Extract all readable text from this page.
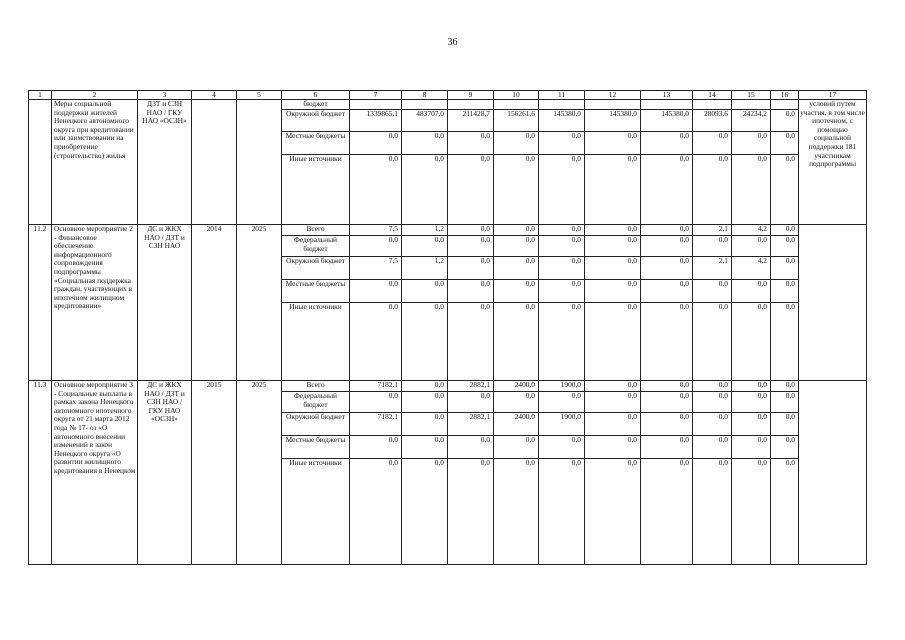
36
1	2	3	4	5	6	7	8	9	10	11	12	13	14	15	16	17
	Меры социальной поддержки жителей Ненецкого автономного округа при кредитовании или заимствовании на приобретение (строительство) жилья	ДЗТ и СЗН НАО / ГКУ НАО «ОСЗН»			бюджет											условий путем участия, в том числе ипотечном, с помощью социальной поддержки 181 участникам подпрограммы
					Окружной бюджет	1339865,1	483707,0	211428,7	156261,6	145380,0	145380,0	145380,0	28093,6	24234,2	0,0	
					Местные бюджеты	0,0	0,0	0,0	0,0	0,0	0,0	0,0	0,0	0,0	0,0	
					Иные источники	0,0	0,0	0,0	0,0	0,0	0,0	0,0	0,0	0,0	0,0	
11.2	Основное мероприятие 2 - Финансовое обеспечение информационного сопровождения подпрограммы «Социальная поддержка граждан, участвующих в ипотечном жилищном кредитовании»	ДС и ЖКХ НАО / ДЗТ и СЗН НАО	2014	2025	Всего	7,5	1,2	0,0	0,0	0,0	0,0	0,0	2,1	4,2	0,0	
					Федеральный бюджет	0,0	0,0	0,0	0,0	0,0	0,0	0,0	0,0	0,0	0,0	
					Окружной бюджет	7,5	1,2	0,0	0,0	0,0	0,0	0,0	2,1	4,2	0,0	
					Местные бюджеты	0,0	0,0	0,0	0,0	0,0	0,0	0,0	0,0	0,0	0,0	
					Иные источники	0,0	0,0	0,0	0,0	0,0	0,0	0,0	0,0	0,0	0,0	
11.3	Основное мероприятие 3 - Социальные выплаты в рамках закона Ненецкого автономного ипотечного округа от 21 марта 2012 года № 17- оз «О автономного внесении изменений в закон Ненецкого округа «О развитии жилищного кредитования в Ненецком	ДС и ЖКХ НАО / ДЗТ и СЗН НАО / ГКУ НАО «ОСЗН»	2015	2025	Всего	7182,1	0,0	2882,1	2400,0	1900,0	0,0	0,0	0,0	0,0	0,0	
					Федеральный бюджет	0,0	0,0	0,0	0,0	0,0	0,0	0,0	0,0	0,0	0,0	
					Окружной бюджет	7182,1	0,0	2882,1	2400,0	1900,0	0,0	0,0	0,0	0,0	0,0	
					Местные бюджеты	0,0	0,0	0,0	0,0	0,0	0,0	0,0	0,0	0,0	0,0	
					Иные источники	0,0	0,0	0,0	0,0	0,0	0,0	0,0	0,0	0,0	0,0	
